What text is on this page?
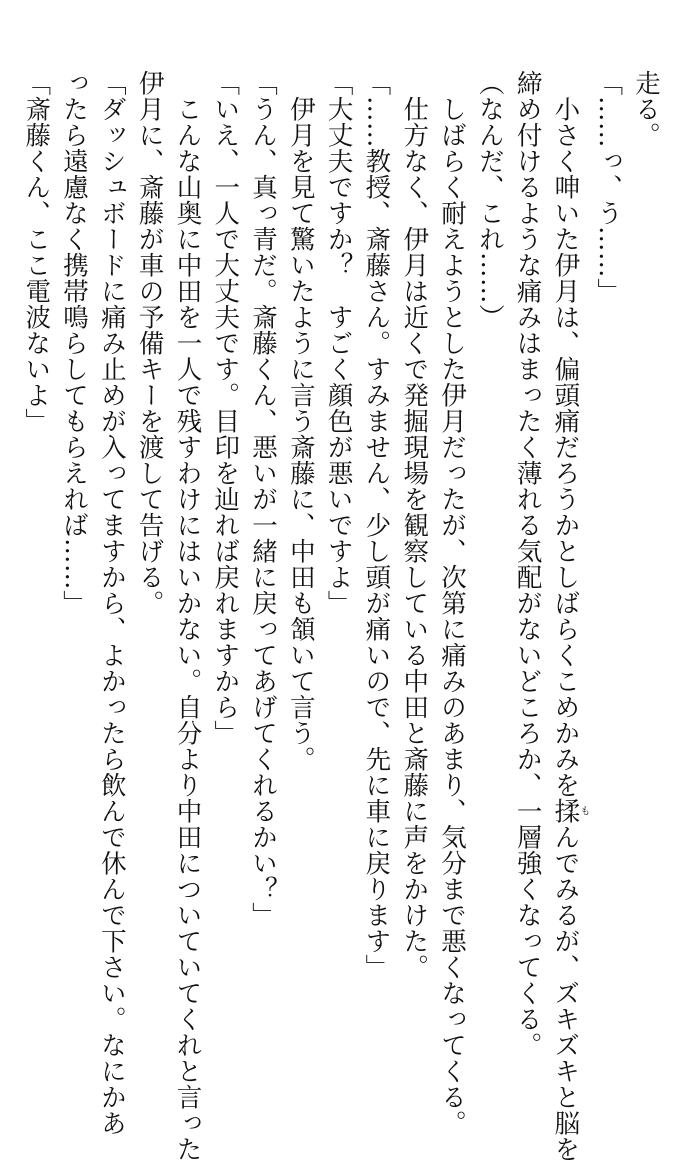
走る。
「……っ、う……」
　小さく呻いた伊月は、偏頭痛だろうかとしばらくこめかみを揉もんでみるが、ズキズキと脳を
締め付けるような痛みはまったく薄れる気配がないどころか、一層強くなってくる。
（なんだ、これ……）
　しばらく耐えようとした伊月だったが、次第に痛みのあまり、気分まで悪くなってくる。
　仕方なく、伊月は近くで発掘現場を観察している中田と斎藤に声をかけた。
「……教授、斎藤さん。すみません、少し頭が痛いので、先に車に戻ります」
「大丈夫ですか？　すごく顔色が悪いですよ」
　伊月を見て驚いたように言う斎藤に、中田も頷いて言う。
「うん、真っ青だ。斎藤くん、悪いが一緒に戻ってあげてくれるかい？」
「いえ、一人で大丈夫です。目印を辿れば戻れますから」
　こんな山奥に中田を一人で残すわけにはいかない。自分より中田についていてくれと言った
伊月に、斎藤が車の予備キーを渡して告げる。
「ダッシュボードに痛み止めが入ってますから、よかったら飲んで休んで下さい。なにかあ
ったら遠慮なく携帯鳴らしてもらえれば……」
「斎藤くん、ここ電波ないよ」
